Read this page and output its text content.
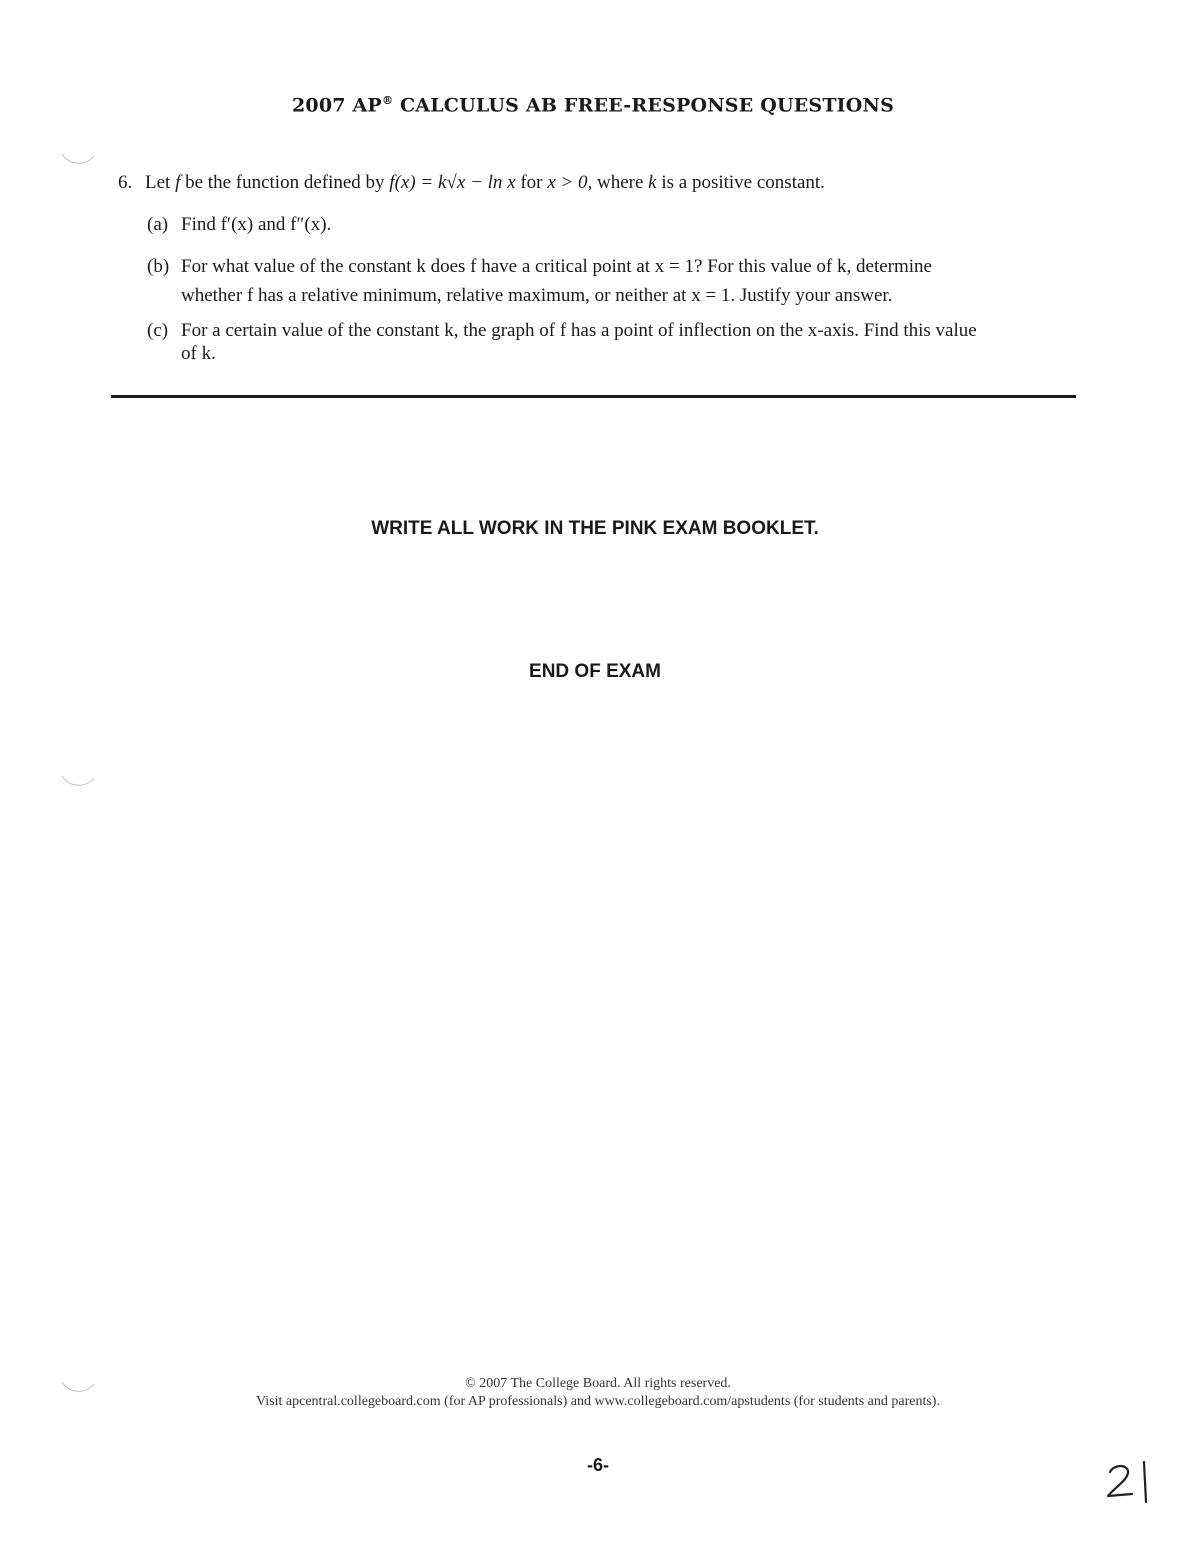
2007 AP® CALCULUS AB FREE-RESPONSE QUESTIONS
6. Let f be the function defined by f(x) = k√x − ln x for x > 0, where k is a positive constant.
(a) Find f′(x) and f″(x).
(b) For what value of the constant k does f have a critical point at x = 1? For this value of k, determine
whether f has a relative minimum, relative maximum, or neither at x = 1. Justify your answer.
(c) For a certain value of the constant k, the graph of f has a point of inflection on the x-axis. Find this value
of k.
WRITE ALL WORK IN THE PINK EXAM BOOKLET.
END OF EXAM
© 2007 The College Board. All rights reserved.
Visit apcentral.collegeboard.com (for AP professionals) and www.collegeboard.com/apstudents (for students and parents).
-6-
